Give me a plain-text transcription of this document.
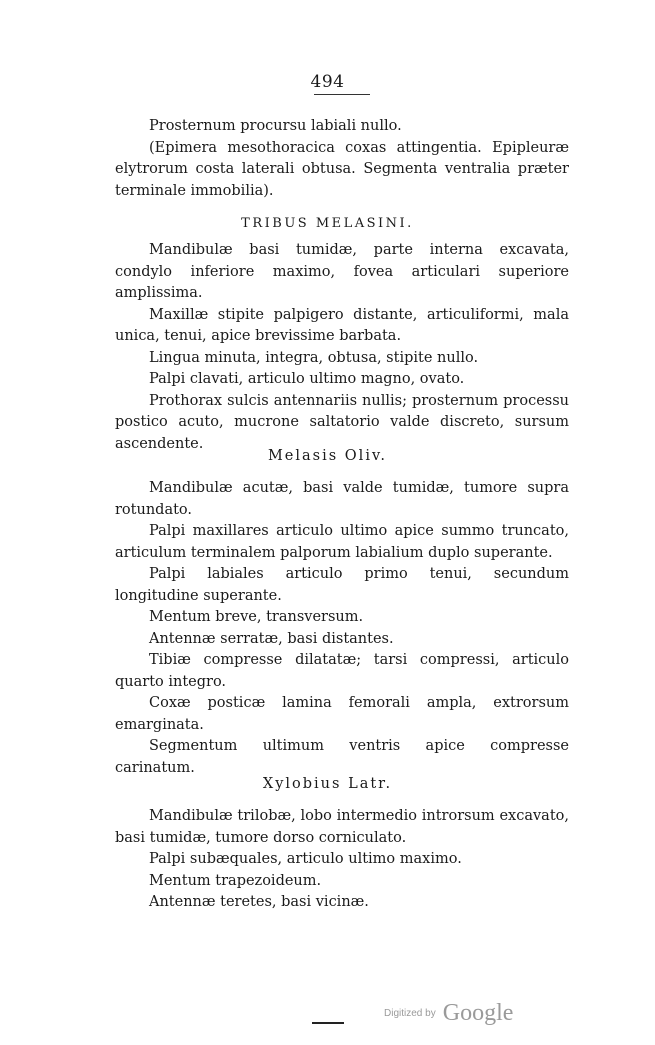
494

Prosternum procursu labiali nullo.

(Epimera mesothoracica coxas attingentia. Epipleuræ elytrorum costa laterali obtusa. Segmenta ventralia præter terminale immobilia).

TRIBUS MELASINI.

Mandibulæ basi tumidæ, parte interna excavata, condylo inferiore maximo, fovea articulari superiore amplissima.

Maxillæ stipite palpigero distante, articuliformi, mala unica, tenui, apice brevissime barbata.

Lingua minuta, integra, obtusa, stipite nullo.

Palpi clavati, articulo ultimo magno, ovato.

Prothorax sulcis antennariis nullis; prosternum processu postico acuto, mucrone saltatorio valde discreto, sursum ascendente.

Melasis Oliv.

Mandibulæ acutæ, basi valde tumidæ, tumore supra rotundato.

Palpi maxillares articulo ultimo apice summo truncato, articulum terminalem palporum labialium duplo superante.

Palpi labiales articulo primo tenui, secundum longitudine superante.

Mentum breve, transversum.

Antennæ serratæ, basi distantes.

Tibiæ compresse dilatatæ; tarsi compressi, articulo quarto integro.

Coxæ posticæ lamina femorali ampla, extrorsum emarginata.

Segmentum ultimum ventris apice compresse carinatum.

Xylobius Latr.

Mandibulæ trilobæ, lobo intermedio introrsum excavato, basi tumidæ, tumore dorso corniculato.

Palpi subæquales, articulo ultimo maximo.

Mentum trapezoideum.

Antennæ teretes, basi vicinæ.

$^{Digitized by}$ Google
